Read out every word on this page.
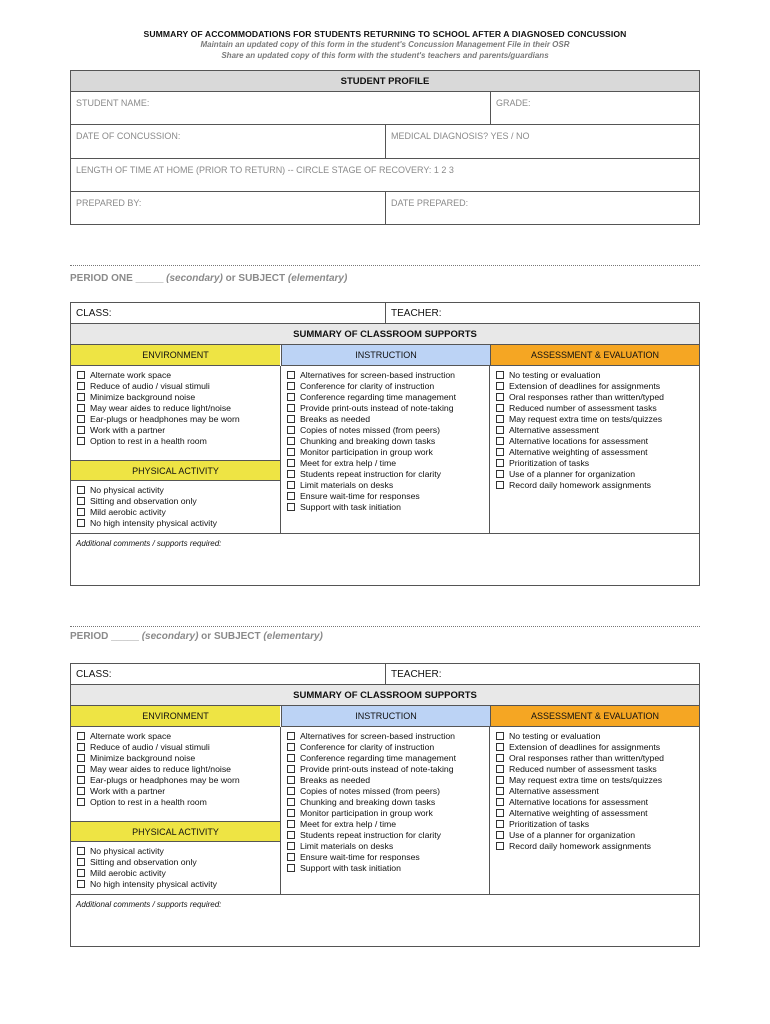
SUMMARY OF ACCOMMODATIONS FOR STUDENTS RETURNING TO SCHOOL AFTER A DIAGNOSED CONCUSSION
Maintain an updated copy of this form in the student's Concussion Management File in their OSR
Share an updated copy of this form with the student's teachers and parents/guardians
STUDENT PROFILE
STUDENT NAME:	GRADE:
DATE OF CONCUSSION:	MEDICAL DIAGNOSIS? YES / NO
LENGTH OF TIME AT HOME (PRIOR TO RETURN) -- CIRCLE STAGE OF RECOVERY: 1 2 3
PREPARED BY:	DATE PREPARED:
PERIOD ONE _____ (secondary) or SUBJECT (elementary)
CLASS:	TEACHER:
SUMMARY OF CLASSROOM SUPPORTS
ENVIRONMENT	INSTRUCTION	ASSESSMENT & EVALUATION
Alternate work space
Reduce of audio / visual stimuli
Minimize background noise
May wear aides to reduce light/noise
Ear-plugs or headphones may be worn
Work with a partner
Option to rest in a health room
PHYSICAL ACTIVITY
No physical activity
Sitting and observation only
Mild aerobic activity
No high intensity physical activity
Alternatives for screen-based instruction
Conference for clarity of instruction
Conference regarding time management
Provide print-outs instead of note-taking
Breaks as needed
Copies of notes missed (from peers)
Chunking and breaking down tasks
Monitor participation in group work
Meet for extra help / time
Students repeat instruction for clarity
Limit materials on desks
Ensure wait-time for responses
Support with task initiation
No testing or evaluation
Extension of deadlines for assignments
Oral responses rather than written/typed
Reduced number of assessment tasks
May request extra time on tests/quizzes
Alternative assessment
Alternative locations for assessment
Alternative weighting of assessment
Prioritization of tasks
Use of a planner for organization
Record daily homework assignments
Additional comments / supports required:
PERIOD _____ (secondary) or SUBJECT (elementary)
CLASS:	TEACHER:
SUMMARY OF CLASSROOM SUPPORTS
ENVIRONMENT	INSTRUCTION	ASSESSMENT & EVALUATION
Alternate work space
Reduce of audio / visual stimuli
Minimize background noise
May wear aides to reduce light/noise
Ear-plugs or headphones may be worn
Work with a partner
Option to rest in a health room
PHYSICAL ACTIVITY
No physical activity
Sitting and observation only
Mild aerobic activity
No high intensity physical activity
Alternatives for screen-based instruction
Conference for clarity of instruction
Conference regarding time management
Provide print-outs instead of note-taking
Breaks as needed
Copies of notes missed (from peers)
Chunking and breaking down tasks
Monitor participation in group work
Meet for extra help / time
Students repeat instruction for clarity
Limit materials on desks
Ensure wait-time for responses
Support with task initiation
No testing or evaluation
Extension of deadlines for assignments
Oral responses rather than written/typed
Reduced number of assessment tasks
May request extra time on tests/quizzes
Alternative assessment
Alternative locations for assessment
Alternative weighting of assessment
Prioritization of tasks
Use of a planner for organization
Record daily homework assignments
Additional comments / supports required:
